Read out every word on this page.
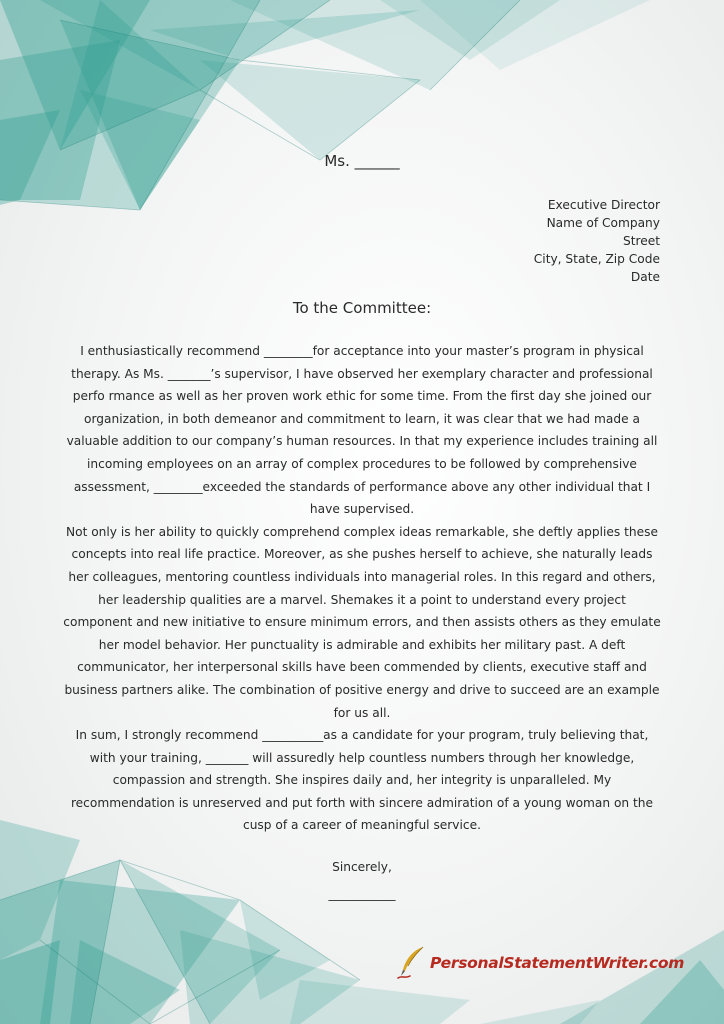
Ms. ______
Executive Director
Name of Company
Street
City, State, Zip Code
Date
To the Committee:

I enthusiastically recommend ________for acceptance into your master’s program in physical therapy. As Ms. _______’s supervisor, I have observed her exemplary character and professional perfo rmance as well as her proven work ethic for some time. From the first day she joined our organization, in both demeanor and commitment to learn, it was clear that we had made a valuable addition to our company’s human resources. In that my experience includes training all incoming employees on an array of complex procedures to be followed by comprehensive assessment, ________exceeded the standards of performance above any other individual that I have supervised.

Not only is her ability to quickly comprehend complex ideas remarkable, she deftly applies these concepts into real life practice. Moreover, as she pushes herself to achieve, she naturally leads her colleagues, mentoring countless individuals into managerial roles. In this regard and others, her leadership qualities are a marvel. Shemakes it a point to understand every project component and new initiative to ensure minimum errors, and then assists others as they emulate her model behavior. Her punctuality is admirable and exhibits her military past. A deft communicator, her interpersonal skills have been commended by clients, executive staff and business partners alike. The combination of positive energy and drive to succeed are an example for us all.

In sum, I strongly recommend __________as a candidate for your program, truly believing that, with your training, _______ will assuredly help countless numbers through her knowledge, compassion and strength. She inspires daily and, her integrity is unparalleled. My recommendation is unreserved and put forth with sincere admiration of a young woman on the cusp of a career of meaningful service.

Sincerely,
___________
PersonalStatementWriter.com
